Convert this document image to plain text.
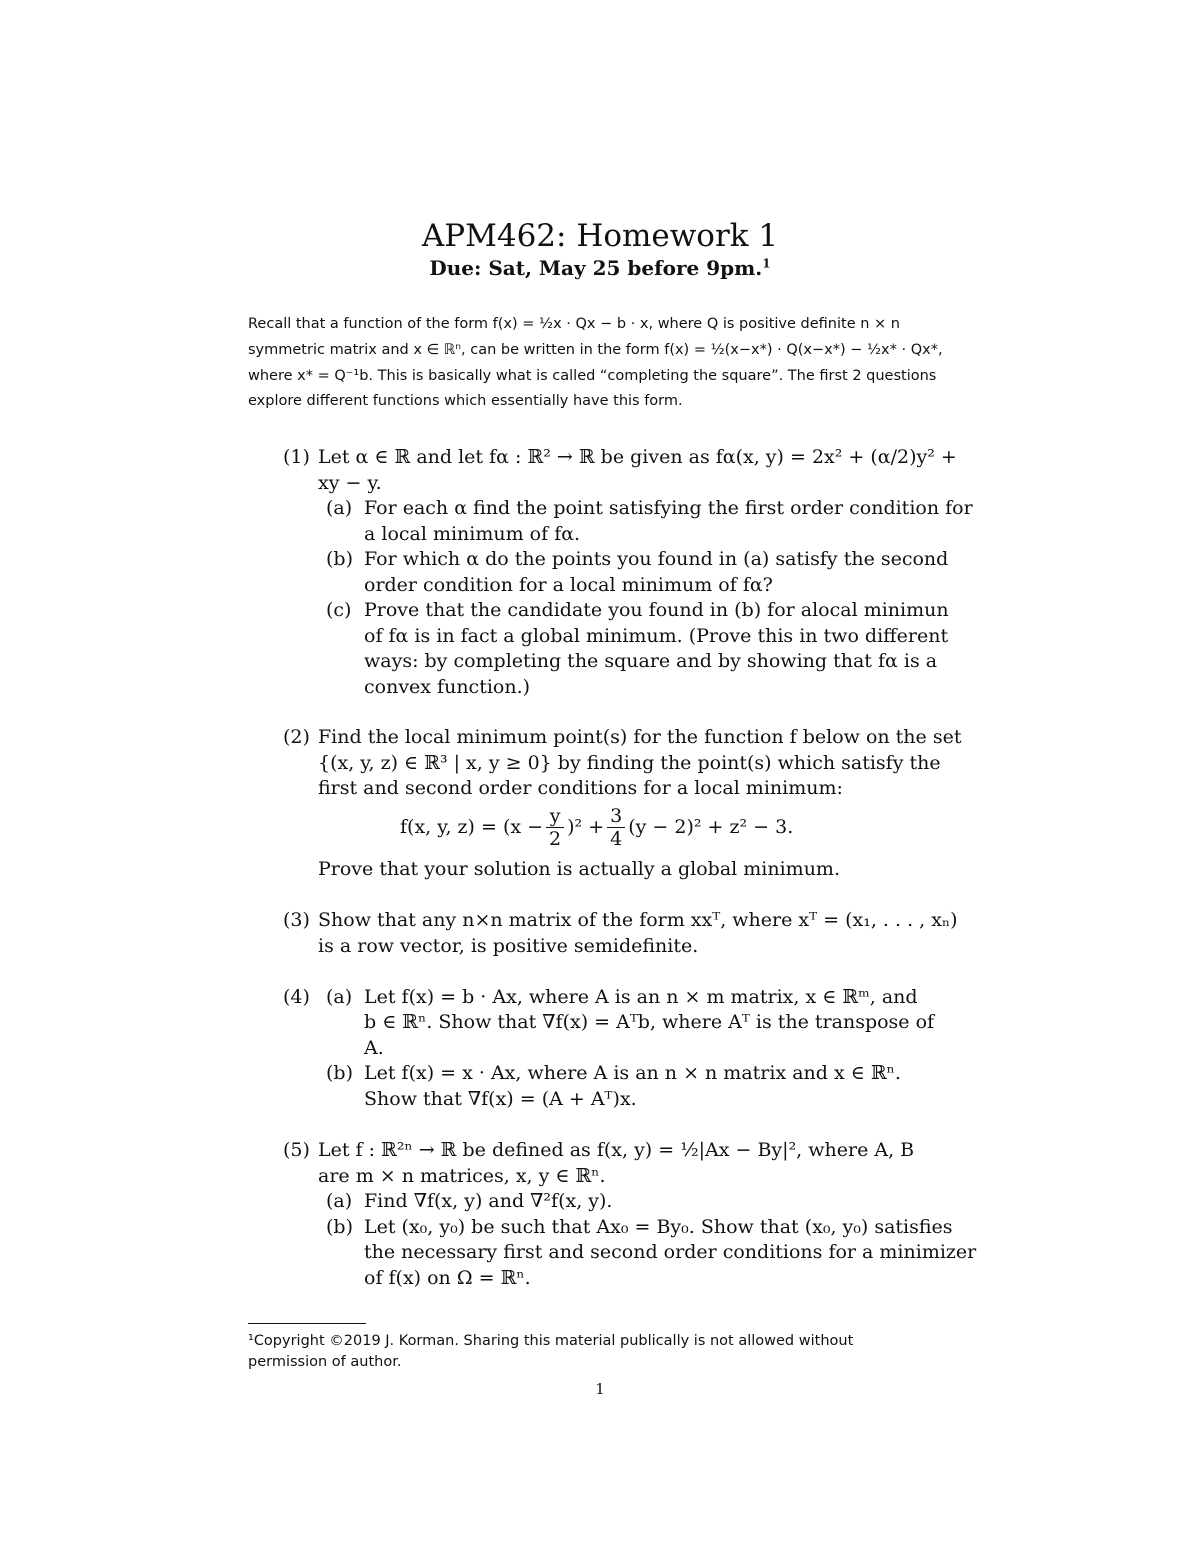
APM462: Homework 1
Due: Sat, May 25 before 9pm.$^1$
Recall that a function of the form f(x) = ½x · Qx − b · x, where Q is positive definite n × n
symmetric matrix and x ∈ ℝⁿ, can be written in the form f(x) = ½(x−x*) · Q(x−x*) − ½x* · Qx*,
where x* = Q⁻¹b. This is basically what is called “completing the square”. The first 2 questions
explore different functions which essentially have this form.
(1) Let α ∈ ℝ and let fα : ℝ² → ℝ be given as fα(x, y) = 2x² + (α/2)y² +
xy − y.
(a) For each α find the point satisfying the first order condition for
a local minimum of fα.
(b) For which α do the points you found in (a) satisfy the second
order condition for a local minimum of fα?
(c) Prove that the candidate you found in (b) for alocal minimun
of fα is in fact a global minimum. (Prove this in two different
ways: by completing the square and by showing that fα is a
convex function.)
(2) Find the local minimum point(s) for the function f below on the set
{(x, y, z) ∈ ℝ³ | x, y ≥ 0} by finding the point(s) which satisfy the
first and second order conditions for a local minimum:
f(x, y, $z) = (x - \frac{y}{2} )^2 + \frac{3}{4} (y - 2)^2 + z^2 - 3$.
Prove that your solution is actually a global minimum.
(3) Show that any n×n matrix of the form xxᵀ, where xᵀ = (x₁, . . . , xₙ)
is a row vector, is positive semidefinite.
(4) (a) Let f(x) = b · Ax, where A is an n × m matrix, x ∈ ℝᵐ, and
b ∈ ℝⁿ. Show that ∇f(x) = Aᵀb, where Aᵀ is the transpose of
A.
(b) Let f(x) = x · Ax, where A is an n × n matrix and x ∈ ℝⁿ.
Show that ∇f(x) = (A + Aᵀ)x.
(5) Let f : ℝ²ⁿ → ℝ be defined as f(x, y) = ½|Ax − By|², where A, B
are m × n matrices, x, y ∈ ℝⁿ.
(a) Find ∇f(x, y) and ∇²f(x, y).
(b) Let (x₀, y₀) be such that Ax₀ = By₀. Show that (x₀, y₀) satisfies
the necessary first and second order conditions for a minimizer
of f(x) on Ω = ℝⁿ.
¹Copyright ©2019 J. Korman. Sharing this material publically is not allowed without
permission of author.
1
